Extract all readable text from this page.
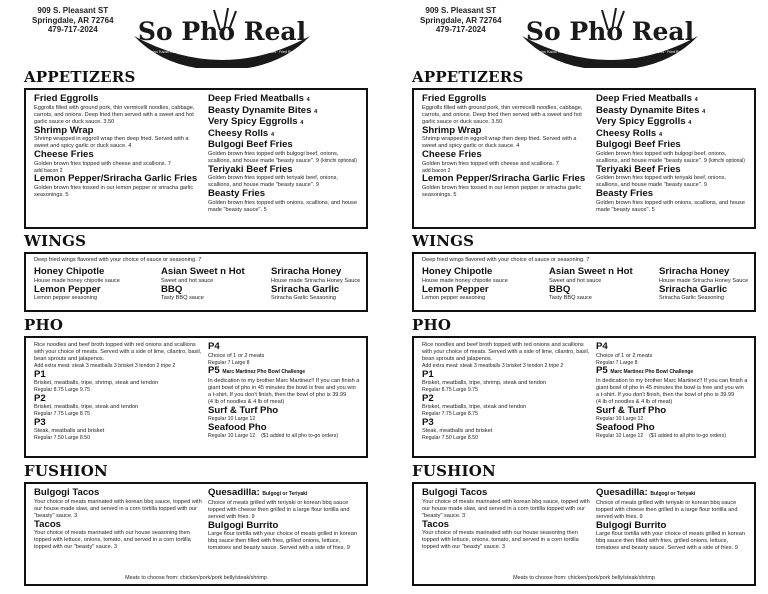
909 S. Pleasant ST
Springdale, AR 72764
479-717-2024	So Pho Real
Asian Fusion Cuisine · Authentic Asian Noodles · Korean BBQ Tacos · Rice Tables · Fried Rice
APPETIZERS
Fried Eggrolls
Eggrolls filled with ground pork, thin vermicelli noodles, cabbage, carrots, and onions. Deep fried then served with a sweet and hot garlic sauce or duck sauce. 3.50
Shrimp Wrap
Shrimp wrapped in eggroll wrap then deep fried. Served with a sweet and spicy garlic or duck sauce. 4
Cheese Fries
Golden brown fries topped with cheese and scallions. 7
add bacon 2
Lemon Pepper/Sriracha Garlic Fries
Golden brown fries tossed in our lemon pepper or sriracha garlic seasonings. 5
Deep Fried Meatballs 4
Beasty Dynamite Bites 4
Very Spicy Eggrolls 4
Cheesy Rolls 4
Bulgogi Beef Fries
Golden brown fries topped with bulgogi beef, onions, scallions, and house made "beasty sauce". 9 (kimchi optional)
Teriyaki Beef Fries
Golden brown fries topped with teriyaki beef, onions, scallions, and house made "beasty sauce". 9
Beasty Fries
Golden brown fries topped with onions, scallions, and house made "beasty sauce". 5
WINGS
Deep fried wings flavored with your choice of sauce or seasoning. 7
Honey Chipotle
House made honey chipotle sauce
Lemon Pepper
Lemon pepper seasoning
Asian Sweet n Hot
Sweet and hot sauce
BBQ
Tasty BBQ sauce
Sriracha Honey
House made Sriracha Honey Sauce
Sriracha Garlic
Sriracha Garlic Seasoning
PHO
Rice noodles and beef broth topped with red onions and scallions with your choice of meats. Served with a side of lime, cilantro, basil, bean sprouts and jalapenos.
Add extra meat: steak 3 meatballs 3 brisket 3 tendon 2 tripe 2
P1
Brisket, meatballs, tripe, shrimp, steak and tendon
Regular 8.75 Large 9.75
P2
Brisket, meatballs, tripe, steak and tendon
Regular 7.75 Large 8.75
P3
Steak, meatballs and brisket
Regular 7.50 Large 8.50
P4
Choice of 1 or 2 meats
Regular 7 Large 8
P5 Marc Martinez Pho Bowl Challenge
In dedication to my brother Marc Martinez!! If you can finish a giant bowl of pho in 45 minutes the bowl is free and you win a t-shirt. If you don't finish, then the bowl of pho is 39.99
(4 lb of noodles & 4 lb of meat)
Surf & Turf Pho
Regular 10 Large 12
Seafood Pho
Regular 10 Large 12 ($1 added to all pho to-go orders)
FUSHION
Bulgogi Tacos
Your choice of meats marinated with korean bbq sauce, topped with our house made slaw, and served in a corn tortilla topped with our "beasty" sauce. 3
Tacos
Your choice of meats marinated with our house seasoning then topped with lettuce, onions, tomato, and served in a corn tortilla topped with our "beasty" sauce. 3
Quesadilla: Bulgogi or Teriyaki
Choice of meats grilled with teriyaki or korean bbq sauce topped with cheese then grilled in a large flour tortilla and served with fries. 9
Bulgogi Burrito
Large flour tortilla with your choice of meats grilled in korean bbq sauce then filled with fries, grilled onions, lettuce, tomatoes and beasty sauce. Served with a side of fries. 9
Meats to choose from: chicken/pork/pork belly/steak/shrimp
909 S. Pleasant ST
Springdale, AR 72764
479-717-2024	So Pho Real
Asian Fusion Cuisine · Authentic Asian Noodles · Korean BBQ Tacos · Rice Tables · Fried Rice
APPETIZERS
Fried Eggrolls
Eggrolls filled with ground pork, thin vermicelli noodles, cabbage, carrots, and onions. Deep fried then served with a sweet and hot garlic sauce or duck sauce. 3.50
Shrimp Wrap
Shrimp wrapped in eggroll wrap then deep fried. Served with a sweet and spicy garlic or duck sauce. 4
Cheese Fries
Golden brown fries topped with cheese and scallions. 7
add bacon 2
Lemon Pepper/Sriracha Garlic Fries
Golden brown fries tossed in our lemon pepper or sriracha garlic seasonings. 5
Deep Fried Meatballs 4
Beasty Dynamite Bites 4
Very Spicy Eggrolls 4
Cheesy Rolls 4
Bulgogi Beef Fries
Golden brown fries topped with bulgogi beef, onions, scallions, and house made "beasty sauce". 9 (kimchi optional)
Teriyaki Beef Fries
Golden brown fries topped with teriyaki beef, onions, scallions, and house made "beasty sauce". 9
Beasty Fries
Golden brown fries topped with onions, scallions, and house made "beasty sauce". 5
WINGS
Deep fried wings flavored with your choice of sauce or seasoning. 7
Honey Chipotle
House made honey chipotle sauce
Lemon Pepper
Lemon pepper seasoning
Asian Sweet n Hot
Sweet and hot sauce
BBQ
Tasty BBQ sauce
Sriracha Honey
House made Sriracha Honey Sauce
Sriracha Garlic
Sriracha Garlic Seasoning
PHO
Rice noodles and beef broth topped with red onions and scallions with your choice of meats. Served with a side of lime, cilantro, basil, bean sprouts and jalapenos.
Add extra meat: steak 3 meatballs 3 brisket 3 tendon 2 tripe 2
P1
Brisket, meatballs, tripe, shrimp, steak and tendon
Regular 8.75 Large 9.75
P2
Brisket, meatballs, tripe, steak and tendon
Regular 7.75 Large 8.75
P3
Steak, meatballs and brisket
Regular 7.50 Large 8.50
P4
Choice of 1 or 2 meats
Regular 7 Large 8
P5 Marc Martinez Pho Bowl Challenge
In dedication to my brother Marc Martinez!! If you can finish a giant bowl of pho in 45 minutes the bowl is free and you win a t-shirt. If you don't finish, then the bowl of pho is 39.99
(4 lb of noodles & 4 lb of meat)
Surf & Turf Pho
Regular 10 Large 12
Seafood Pho
Regular 10 Large 12 ($1 added to all pho to-go orders)
FUSHION
Bulgogi Tacos
Your choice of meats marinated with korean bbq sauce, topped with our house made slaw, and served in a corn tortilla topped with our "beasty" sauce. 3
Tacos
Your choice of meats marinated with our house seasoning then topped with lettuce, onions, tomato, and served in a corn tortilla topped with our "beasty" sauce. 3
Quesadilla: Bulgogi or Teriyaki
Choice of meats grilled with teriyaki or korean bbq sauce topped with cheese then grilled in a large flour tortilla and served with fries. 9
Bulgogi Burrito
Large flour tortilla with your choice of meats grilled in korean bbq sauce then filled with fries, grilled onions, lettuce, tomatoes and beasty sauce. Served with a side of fries. 9
Meats to choose from: chicken/pork/pork belly/steak/shrimp
